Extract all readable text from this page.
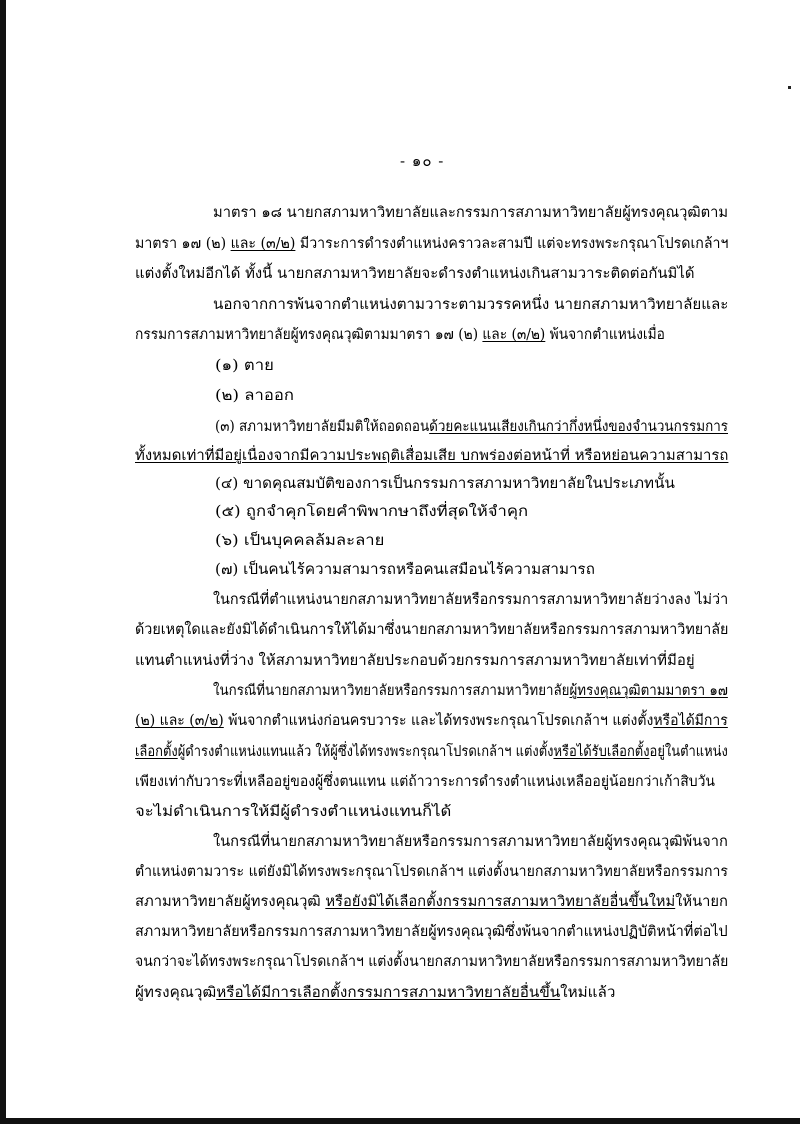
- ๑๐ -
มาตรา ๑๘ นายกสภามหาวิทยาลัยและกรรมการสภามหาวิทยาลัยผู้ทรงคุณวุฒิตาม
มาตรา ๑๗ (๒) และ (๓/๒) มีวาระการดำรงตำแหน่งคราวละสามปี แต่จะทรงพระกรุณาโปรดเกล้าฯ
แต่งตั้งใหม่อีกได้ ทั้งนี้ นายกสภามหาวิทยาลัยจะดำรงตำแหน่งเกินสามวาระติดต่อกันมิได้
นอกจากการพ้นจากตำแหน่งตามวาระตามวรรคหนึ่ง นายกสภามหาวิทยาลัยและ
กรรมการสภามหาวิทยาลัยผู้ทรงคุณวุฒิตามมาตรา ๑๗ (๒) และ (๓/๒) พ้นจากตำแหน่งเมื่อ
(๑) ตาย
(๒) ลาออก
(๓) สภามหาวิทยาลัยมีมติให้ถอดถอนด้วยคะแนนเสียงเกินกว่ากึ่งหนึ่งของจำนวนกรรมการ
ทั้งหมดเท่าที่มีอยู่เนื่องจากมีความประพฤติเสื่อมเสีย บกพร่องต่อหน้าที่ หรือหย่อนความสามารถ
(๔) ขาดคุณสมบัติของการเป็นกรรมการสภามหาวิทยาลัยในประเภทนั้น
(๕) ถูกจำคุกโดยคำพิพากษาถึงที่สุดให้จำคุก
(๖) เป็นบุคคลล้มละลาย
(๗) เป็นคนไร้ความสามารถหรือคนเสมือนไร้ความสามารถ
ในกรณีที่ตำแหน่งนายกสภามหาวิทยาลัยหรือกรรมการสภามหาวิทยาลัยว่างลง ไม่ว่า
ด้วยเหตุใดและยังมิได้ดำเนินการให้ได้มาซึ่งนายกสภามหาวิทยาลัยหรือกรรมการสภามหาวิทยาลัย
แทนตำแหน่งที่ว่าง ให้สภามหาวิทยาลัยประกอบด้วยกรรมการสภามหาวิทยาลัยเท่าที่มีอยู่
ในกรณีที่นายกสภามหาวิทยาลัยหรือกรรมการสภามหาวิทยาลัยผู้ทรงคุณวุฒิตามมาตรา ๑๗
(๒) และ (๓/๒) พ้นจากตำแหน่งก่อนครบวาระ และได้ทรงพระกรุณาโปรดเกล้าฯ แต่งตั้งหรือได้มีการ
เลือกตั้งผู้ดำรงตำแหน่งแทนแล้ว ให้ผู้ซึ่งได้ทรงพระกรุณาโปรดเกล้าฯ แต่งตั้งหรือได้รับเลือกตั้งอยู่ในตำแหน่ง
เพียงเท่ากับวาระที่เหลืออยู่ของผู้ซึ่งตนแทน แต่ถ้าวาระการดำรงตำแหน่งเหลืออยู่น้อยกว่าเก้าสิบวัน
จะไม่ดำเนินการให้มีผู้ดำรงตำแหน่งแทนก็ได้
ในกรณีที่นายกสภามหาวิทยาลัยหรือกรรมการสภามหาวิทยาลัยผู้ทรงคุณวุฒิพ้นจาก
ตำแหน่งตามวาระ แต่ยังมิได้ทรงพระกรุณาโปรดเกล้าฯ แต่งตั้งนายกสภามหาวิทยาลัยหรือกรรมการ
สภามหาวิทยาลัยผู้ทรงคุณวุฒิ หรือยังมิได้เลือกตั้งกรรมการสภามหาวิทยาลัยอื่นขึ้นใหม่ให้นายก
สภามหาวิทยาลัยหรือกรรมการสภามหาวิทยาลัยผู้ทรงคุณวุฒิซึ่งพ้นจากตำแหน่งปฏิบัติหน้าที่ต่อไป
จนกว่าจะได้ทรงพระกรุณาโปรดเกล้าฯ แต่งตั้งนายกสภามหาวิทยาลัยหรือกรรมการสภามหาวิทยาลัย
ผู้ทรงคุณวุฒิหรือได้มีการเลือกตั้งกรรมการสภามหาวิทยาลัยอื่นขึ้นใหม่แล้ว
